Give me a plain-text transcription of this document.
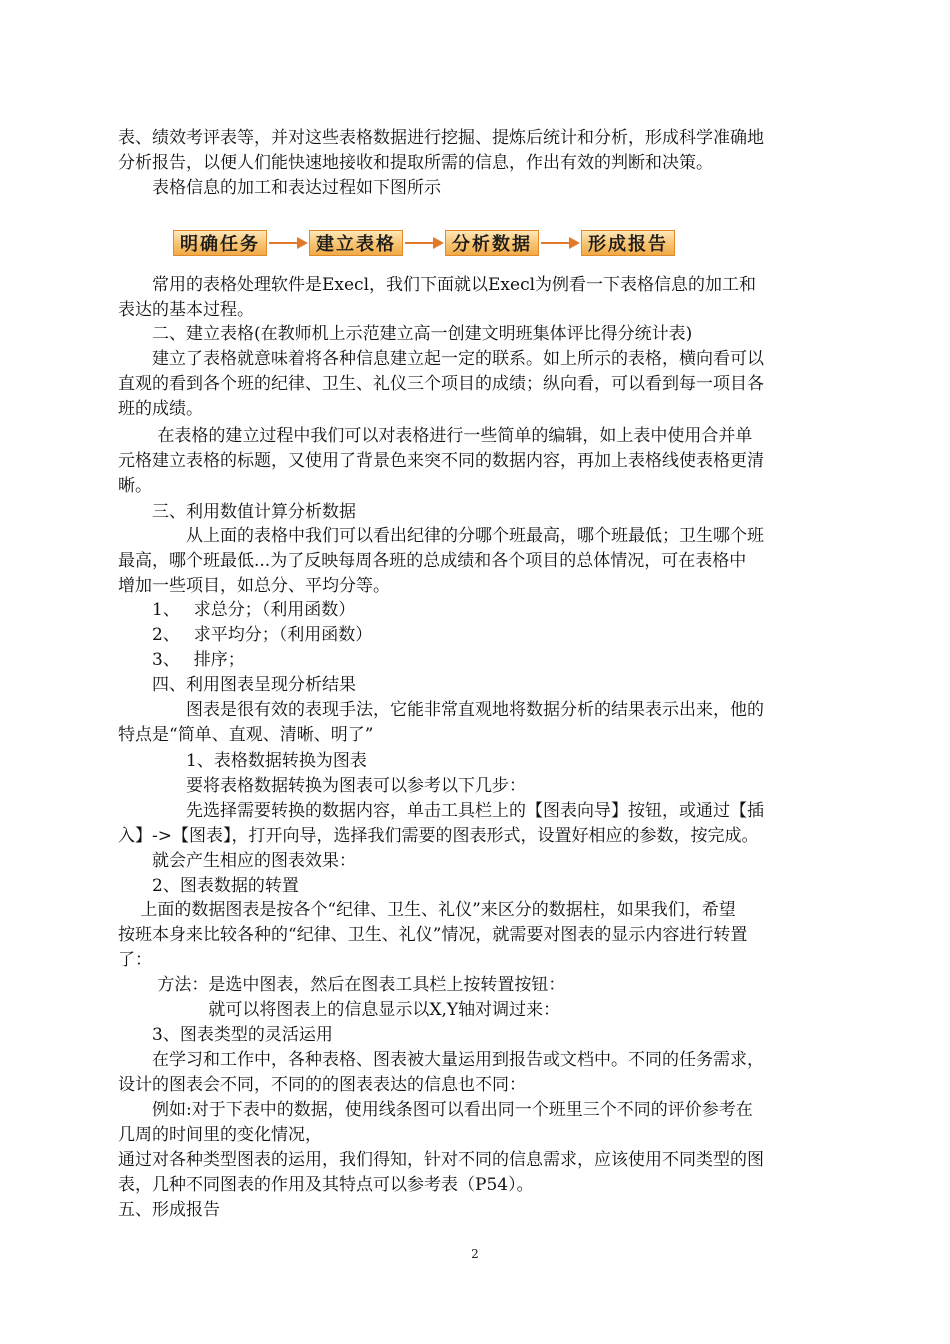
表、绩效考评表等，并对这些表格数据进行挖掘、提炼后统计和分析，形成科学准确地
分析报告，以便人们能快速地接收和提取所需的信息，作出有效的判断和决策。
　　表格信息的加工和表达过程如下图所示
　　常用的表格处理软件是Execl，我们下面就以Execl为例看一下表格信息的加工和
表达的基本过程。
　　二、建立表格(在教师机上示范建立高一创建文明班集体评比得分统计表)
　　建立了表格就意味着将各种信息建立起一定的联系。如上所示的表格，横向看可以
直观的看到各个班的纪律、卫生、礼仪三个项目的成绩；纵向看，可以看到每一项目各
班的成绩。
　　 在表格的建立过程中我们可以对表格进行一些简单的编辑，如上表中使用合并单
元格建立表格的标题，又使用了背景色来突不同的数据内容，再加上表格线使表格更清
晰。
　　三、利用数值计算分析数据
　　　　从上面的表格中我们可以看出纪律的分哪个班最高，哪个班最低；卫生哪个班
最高，哪个班最低...为了反映每周各班的总成绩和各个项目的总体情况，可在表格中
增加一些项目，如总分、平均分等。
　　1、　 求总分；（利用函数）
　　2、　 求平均分；（利用函数）
　　3、　 排序；
　　四、利用图表呈现分析结果
　　　　图表是很有效的表现手法，它能非常直观地将数据分析的结果表示出来，他的
特点是“简单、直观、清晰、明了”
　　　　1、表格数据转换为图表
　　　　要将表格数据转换为图表可以参考以下几步：
　　　　先选择需要转换的数据内容，单击工具栏上的【图表向导】按钮，或通过【插
入】->【图表】，打开向导，选择我们需要的图表形式，设置好相应的参数，按完成。
　　就会产生相应的图表效果：
　　2、图表数据的转置
　 上面的数据图表是按各个“纪律、卫生、礼仪”来区分的数据柱，如果我们，希望
按班本身来比较各种的“纪律、卫生、礼仪”情况，就需要对图表的显示内容进行转置
了：
　　 方法：是选中图表，然后在图表工具栏上按转置按钮：
　　　　　 就可以将图表上的信息显示以X,Y轴对调过来：
　　3、图表类型的灵活运用
　　在学习和工作中，各种表格、图表被大量运用到报告或文档中。不同的任务需求，
设计的图表会不同，不同的的图表表达的信息也不同：
　　例如:对于下表中的数据，使用线条图可以看出同一个班里三个不同的评价参考在
几周的时间里的变化情况，
通过对各种类型图表的运用，我们得知，针对不同的信息需求，应该使用不同类型的图
表，几种不同图表的作用及其特点可以参考表（P54）。
五、形成报告
明确任务	建立表格	分析数据	形成报告
2
